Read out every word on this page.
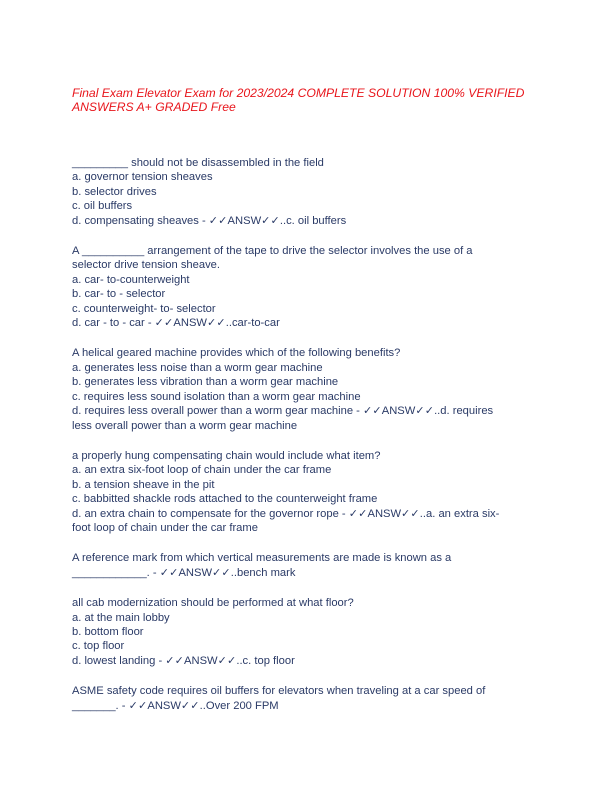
Final Exam Elevator Exam for 2023/2024 COMPLETE SOLUTION 100% VERIFIED
ANSWERS A+ GRADED Free
_________ should not be disassembled in the field
a. governor tension sheaves
b. selector drives
c. oil buffers
d. compensating sheaves - ✓✓ANSW✓✓..c. oil buffers
A __________ arrangement of the tape to drive the selector involves the use of a
selector drive tension sheave.
a. car- to-counterweight
b. car- to - selector
c. counterweight- to- selector
d. car - to - car - ✓✓ANSW✓✓..car-to-car
A helical geared machine provides which of the following benefits?
a. generates less noise than a worm gear machine
b. generates less vibration than a worm gear machine
c. requires less sound isolation than a worm gear machine
d. requires less overall power than a worm gear machine - ✓✓ANSW✓✓..d. requires
less overall power than a worm gear machine
a properly hung compensating chain would include what item?
a. an extra six-foot loop of chain under the car frame
b. a tension sheave in the pit
c. babbitted shackle rods attached to the counterweight frame
d. an extra chain to compensate for the governor rope - ✓✓ANSW✓✓..a. an extra six-
foot loop of chain under the car frame
A reference mark from which vertical measurements are made is known as a
____________. - ✓✓ANSW✓✓..bench mark
all cab modernization should be performed at what floor?
a. at the main lobby
b. bottom floor
c. top floor
d. lowest landing - ✓✓ANSW✓✓..c. top floor
ASME safety code requires oil buffers for elevators when traveling at a car speed of
_______. - ✓✓ANSW✓✓..Over 200 FPM
